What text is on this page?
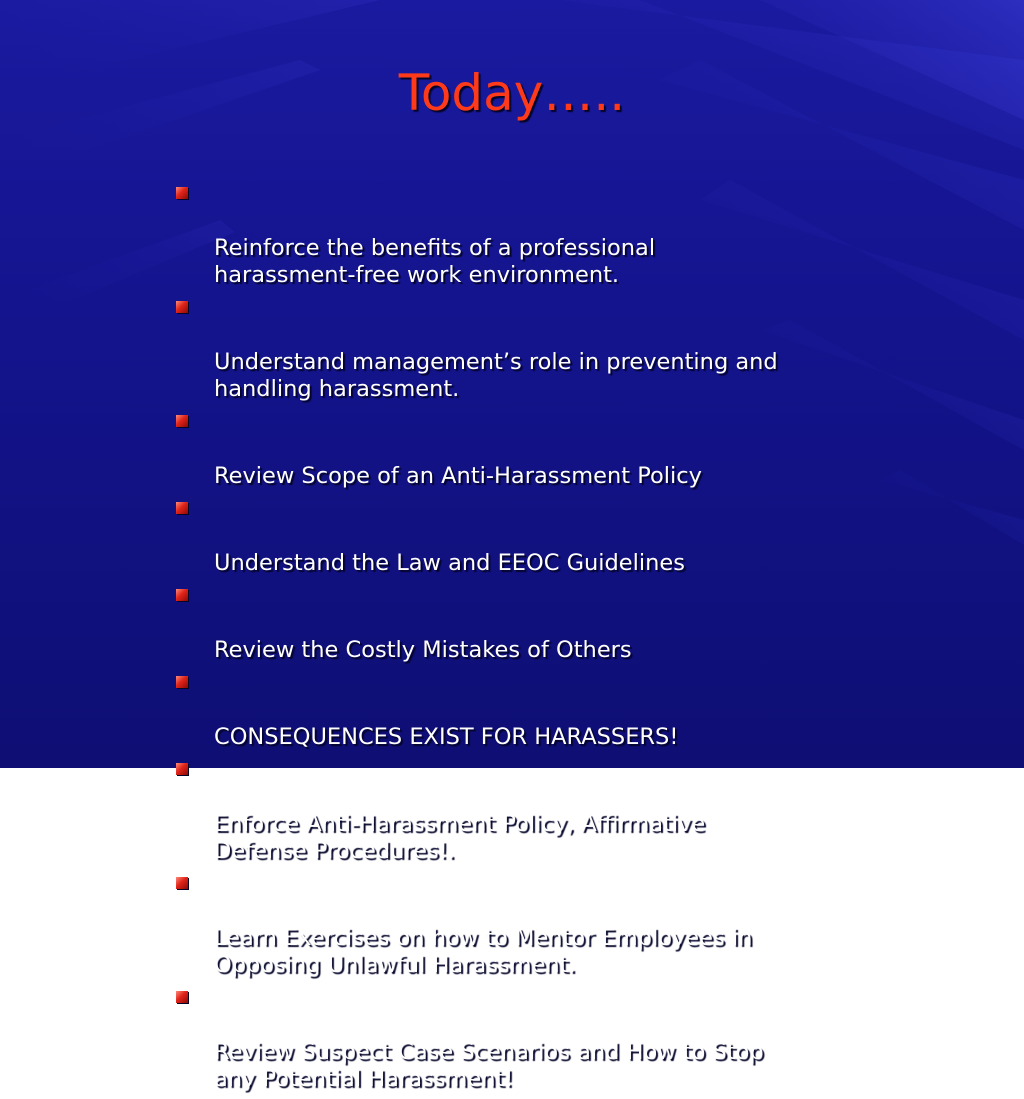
Today…..

Reinforce the benefits of a professional
harassment-free work environment.

Understand management’s role in preventing and
handling harassment.

Review Scope of an Anti-Harassment Policy

Understand the Law and EEOC Guidelines

Review the Costly Mistakes of Others

CONSEQUENCES EXIST FOR HARASSERS!

Enforce Anti-Harassment Policy, Affirmative
Defense Procedures!.

Learn Exercises on how to Mentor Employees in
Opposing Unlawful Harassment.

Review Suspect Case Scenarios and How to Stop
any Potential Harassment!
